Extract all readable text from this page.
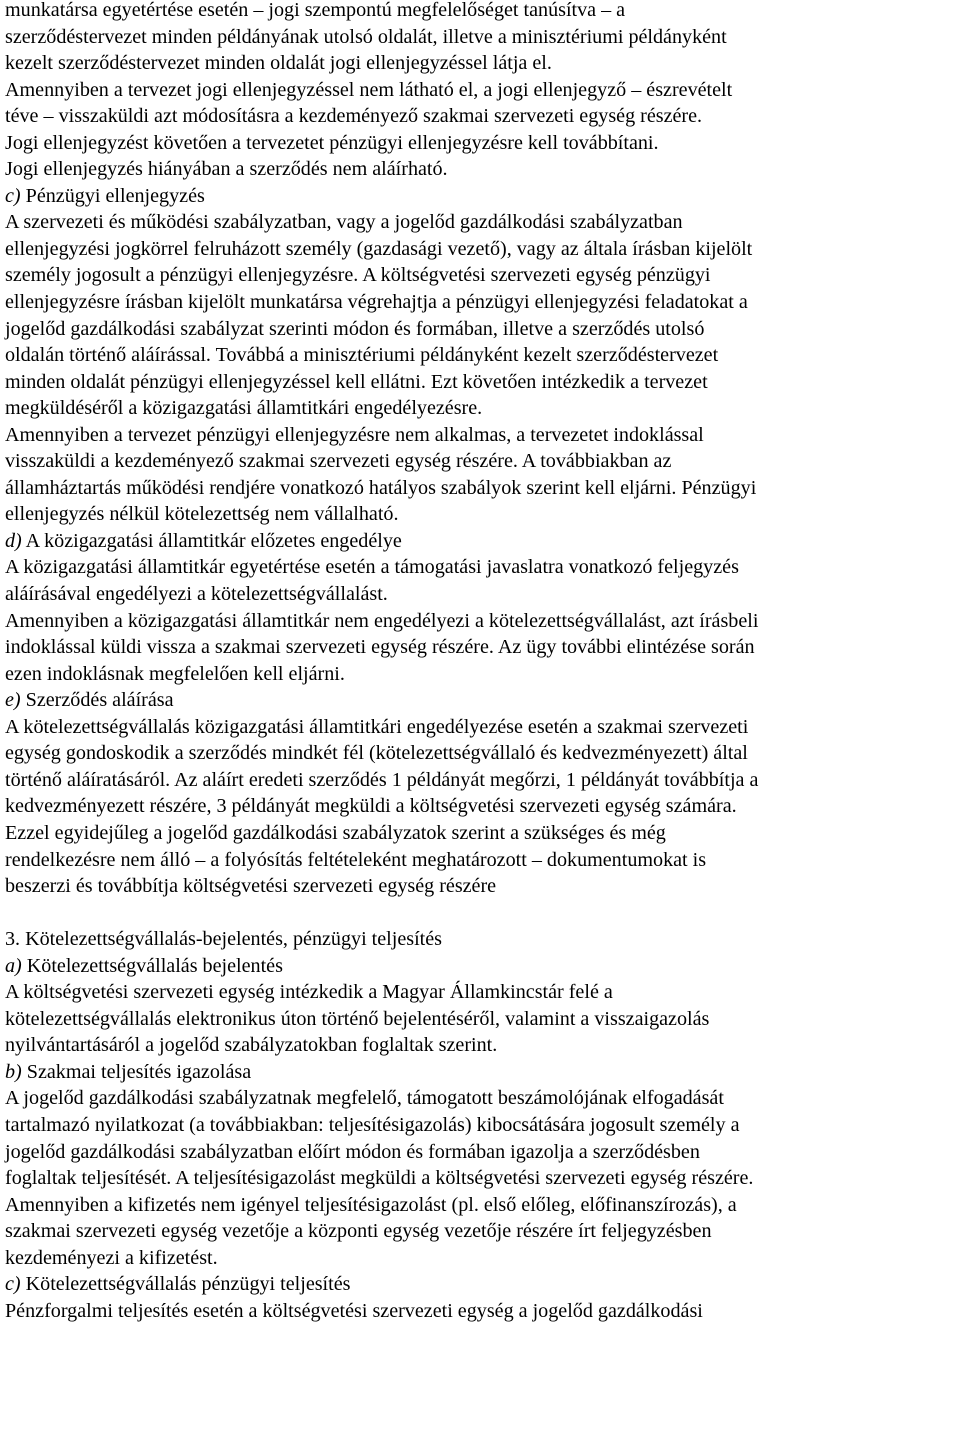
munkatársa egyetértése esetén – jogi szempontú megfelelőséget tanúsítva – a
szerződéstervezet minden példányának utolsó oldalát, illetve a minisztériumi példányként
kezelt szerződéstervezet minden oldalát jogi ellenjegyzéssel látja el.
Amennyiben a tervezet jogi ellenjegyzéssel nem látható el, a jogi ellenjegyző – észrevételt
téve – visszaküldi azt módosításra a kezdeményező szakmai szervezeti egység részére.
Jogi ellenjegyzést követően a tervezetet pénzügyi ellenjegyzésre kell továbbítani.
Jogi ellenjegyzés hiányában a szerződés nem aláírható.
c) Pénzügyi ellenjegyzés
A szervezeti és működési szabályzatban, vagy a jogelőd gazdálkodási szabályzatban
ellenjegyzési jogkörrel felruházott személy (gazdasági vezető), vagy az általa írásban kijelölt
személy jogosult a pénzügyi ellenjegyzésre. A költségvetési szervezeti egység pénzügyi
ellenjegyzésre írásban kijelölt munkatársa végrehajtja a pénzügyi ellenjegyzési feladatokat a
jogelőd gazdálkodási szabályzat szerinti módon és formában, illetve a szerződés utolsó
oldalán történő aláírással. Továbbá a minisztériumi példányként kezelt szerződéstervezet
minden oldalát pénzügyi ellenjegyzéssel kell ellátni. Ezt követően intézkedik a tervezet
megküldéséről a közigazgatási államtitkári engedélyezésre.
Amennyiben a tervezet pénzügyi ellenjegyzésre nem alkalmas, a tervezetet indoklással
visszaküldi a kezdeményező szakmai szervezeti egység részére. A továbbiakban az
államháztartás működési rendjére vonatkozó hatályos szabályok szerint kell eljárni. Pénzügyi
ellenjegyzés nélkül kötelezettség nem vállalható.
d) A közigazgatási államtitkár előzetes engedélye
A közigazgatási államtitkár egyetértése esetén a támogatási javaslatra vonatkozó feljegyzés
aláírásával engedélyezi a kötelezettségvállalást.
Amennyiben a közigazgatási államtitkár nem engedélyezi a kötelezettségvállalást, azt írásbeli
indoklással küldi vissza a szakmai szervezeti egység részére. Az ügy további elintézése során
ezen indoklásnak megfelelően kell eljárni.
e) Szerződés aláírása
A kötelezettségvállalás közigazgatási államtitkári engedélyezése esetén a szakmai szervezeti
egység gondoskodik a szerződés mindkét fél (kötelezettségvállaló és kedvezményezett) által
történő aláíratásáról. Az aláírt eredeti szerződés 1 példányát megőrzi, 1 példányát továbbítja a
kedvezményezett részére, 3 példányát megküldi a költségvetési szervezeti egység számára.
Ezzel egyidejűleg a jogelőd gazdálkodási szabályzatok szerint a szükséges és még
rendelkezésre nem álló – a folyósítás feltételeként meghatározott – dokumentumokat is
beszerzi és továbbítja költségvetési szervezeti egység részére
3. Kötelezettségvállalás-bejelentés, pénzügyi teljesítés
a) Kötelezettségvállalás bejelentés
A költségvetési szervezeti egység intézkedik a Magyar Államkincstár felé a
kötelezettségvállalás elektronikus úton történő bejelentéséről, valamint a visszaigazolás
nyilvántartásáról a jogelőd szabályzatokban foglaltak szerint.
b) Szakmai teljesítés igazolása
A jogelőd gazdálkodási szabályzatnak megfelelő, támogatott beszámolójának elfogadását
tartalmazó nyilatkozat (a továbbiakban: teljesítésigazolás) kibocsátására jogosult személy a
jogelőd gazdálkodási szabályzatban előírt módon és formában igazolja a szerződésben
foglaltak teljesítését. A teljesítésigazolást megküldi a költségvetési szervezeti egység részére.
Amennyiben a kifizetés nem igényel teljesítésigazolást (pl. első előleg, előfinanszírozás), a
szakmai szervezeti egység vezetője a központi egység vezetője részére írt feljegyzésben
kezdeményezi a kifizetést.
c) Kötelezettségvállalás pénzügyi teljesítés
Pénzforgalmi teljesítés esetén a költségvetési szervezeti egység a jogelőd gazdálkodási
